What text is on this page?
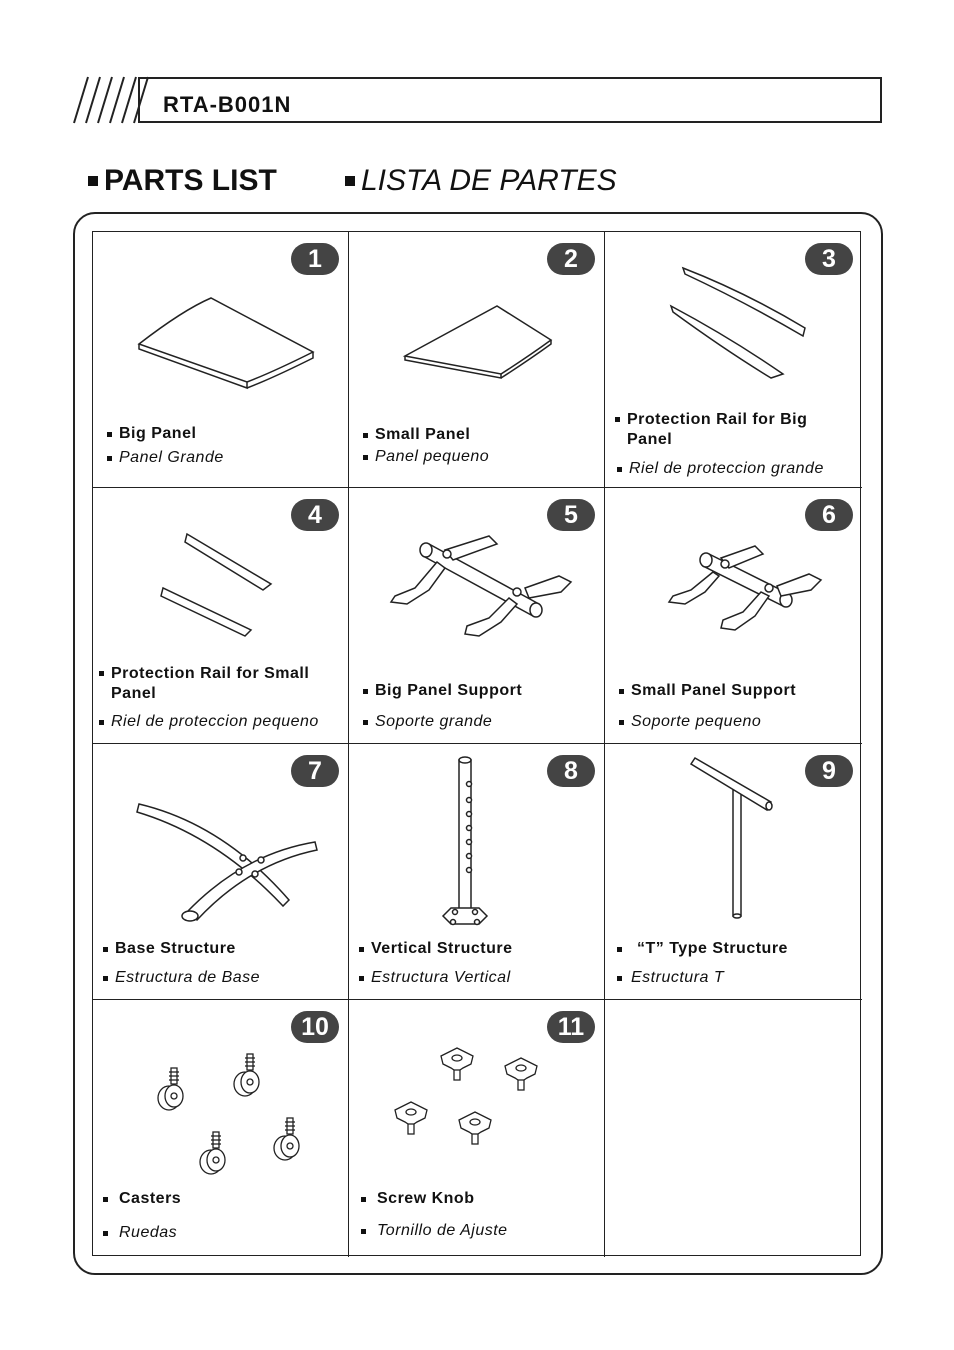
RTA-B001N
PARTS LIST	LISTA DE PARTES
1
Big Panel
Panel Grande
2
Small Panel
Panel pequeno
3
Protection Rail for Big Panel
Riel de proteccion grande
4
Protection Rail for Small Panel
Riel de proteccion pequeno
5
Big Panel Support
Soporte grande
6
Small Panel Support
Soporte pequeno
7
Base Structure
Estructura de Base
8
Vertical Structure
Estructura Vertical
9
“T” Type Structure
Estructura T
10
Casters
Ruedas
11
Screw Knob
Tornillo de Ajuste
